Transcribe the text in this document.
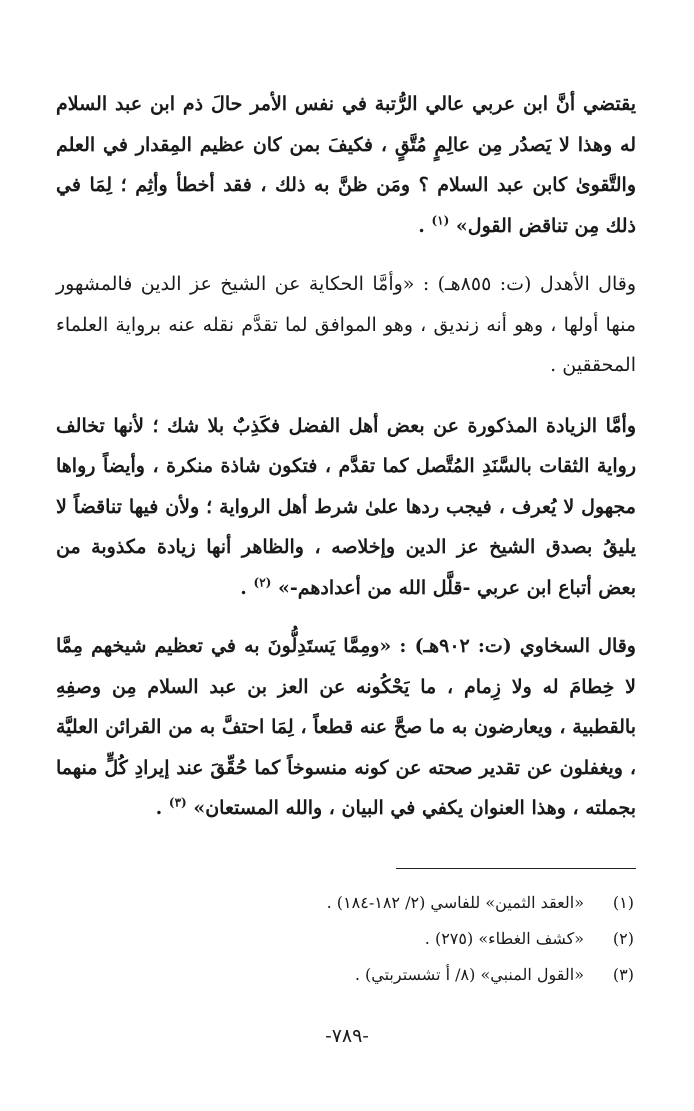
يقتضي أنَّ ابن عربي عالي الرُّتبة في نفس الأمر حالَ ذم ابن عبد السلام له وهذا لا يَصدُر مِن عالِمٍ مُتَّقٍ ، فكيفَ بمن كان عظيم المِقدار في العلم والتَّقوىٰ كابن عبد السلام ؟ ومَن ظنَّ به ذلك ، فقد أخطأ وأثِم ؛ لِمَا في ذلك مِن تناقض القول» $^{(١)}$ .

وقال الأهدل (ت: ٨٥٥هـ) : «وأمَّا الحكاية عن الشيخ عز الدين فالمشهور منها أولها ، وهو أنه زنديق ، وهو الموافق لما تقدَّم نقله عنه برواية العلماء المحققين .

وأمَّا الزيادة المذكورة عن بعض أهل الفضل فكَذِبٌ بلا شك ؛ لأنها تخالف رواية الثقات بالسَّنَدِ المُتَّصل كما تقدَّم ، فتكون شاذة منكرة ، وأيضاً رواها مجهول لا يُعرف ، فيجب ردها علىٰ شرط أهل الرواية ؛ ولأن فيها تناقضاً لا يليقُ بصدق الشيخ عز الدين وإخلاصه ، والظاهر أنها زيادة مكذوبة من بعض أتباع ابن عربي -قلَّل الله من أعدادهم-» $^{(٢)}$ .

وقال السخاوي (ت: ٩٠٢هـ) : «ومِمَّا يَستَدِلُّونَ به في تعظيم شيخهم مِمَّا لا خِطامَ له ولا زِمام ، ما يَحْكُونه عن العز بن عبد السلام مِن وصفِهِ بالقطبية ، ويعارضون به ما صحَّ عنه قطعاً ، لِمَا احتفَّ به من القرائن العليَّة ، ويغفلون عن تقدير صحته عن كونه منسوخاً كما حُقِّقَ عند إيرادِ كُلٍّ منهما بجملته ، وهذا العنوان يكفي في البيان ، والله المستعان» $^{(٣)}$ .

(١)
«العقد الثمين» للفاسي (٢/ ١٨٢-١٨٤) .
(٢)
«كشف الغطاء» (٢٧٥) .
(٣)
«القول المنبي» (٨/ أ تشستربتي) .
-٧٨٩-
